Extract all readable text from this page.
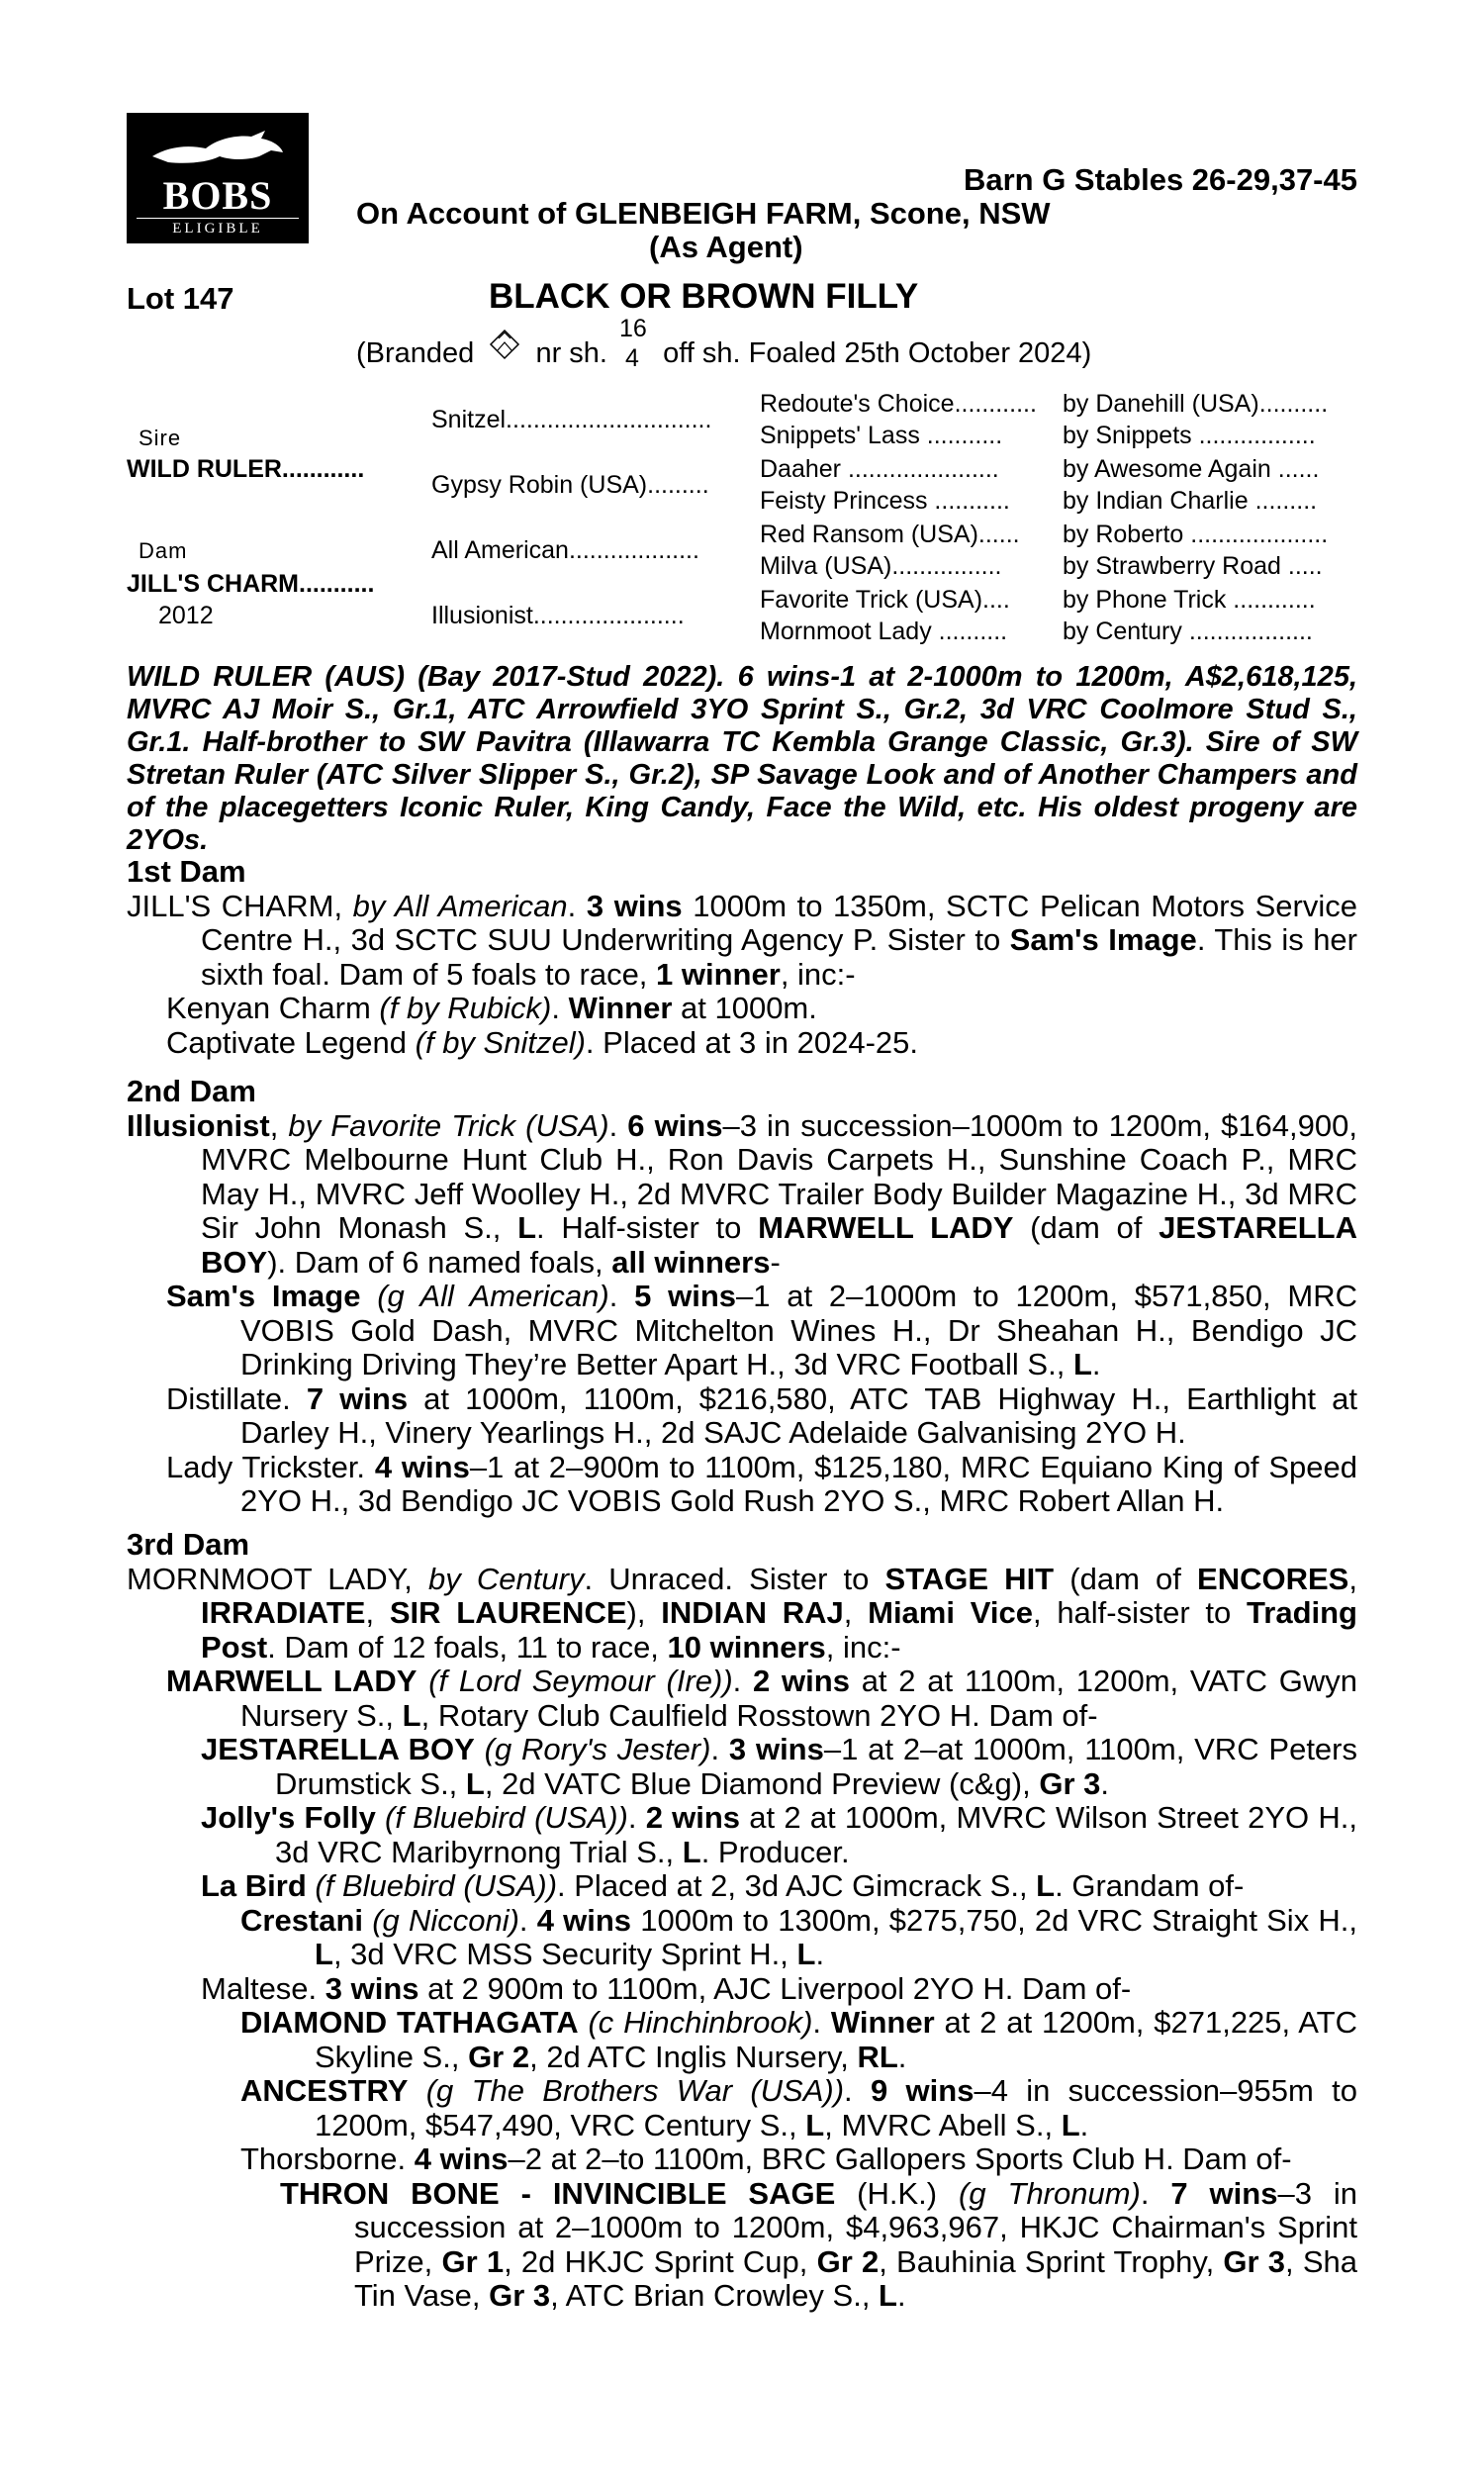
BOBS
ELIGIBLE
Barn G Stables 26-29,37-45
On Account of GLENBEIGH FARM, Scone, NSW
(As Agent)
Lot 147	BLACK OR BROWN FILLY
(Branded nr sh.
16
4 off sh. Foaled 25th October 2024)
Sire
WILD RULER............
Dam
JILL'S CHARM...........
2012
Snitzel..............................
Gypsy Robin (USA).........
All American...................
Illusionist......................
Redoute's Choice............
Snippets' Lass ...........
Daaher ......................
Feisty Princess ...........
Red Ransom (USA)......
Milva (USA)................
Favorite Trick (USA)....
Mornmoot Lady ..........
by Danehill (USA)..........
by Snippets .................
by Awesome Again ......
by Indian Charlie .........
by Roberto ....................
by Strawberry Road .....
by Phone Trick ............
by Century ..................
WILD RULER (AUS) (Bay 2017-Stud 2022). 6 wins-1 at 2-1000m to 1200m, A$2,618,125, MVRC AJ Moir S., Gr.1, ATC Arrowfield 3YO Sprint S., Gr.2, 3d VRC Coolmore Stud S., Gr.1. Half-brother to SW Pavitra (Illawarra TC Kembla Grange Classic, Gr.3). Sire of SW Stretan Ruler (ATC Silver Slipper S., Gr.2), SP Savage Look and of Another Champers and of the placegetters Iconic Ruler, King Candy, Face the Wild, etc. His oldest progeny are 2YOs.
1st Dam

JILL'S CHARM, by All American. 3 wins 1000m to 1350m, SCTC Pelican Motors Service Centre H., 3d SCTC SUU Underwriting Agency P. Sister to Sam's Image. This is her sixth foal. Dam of 5 foals to race, 1 winner, inc:-

Kenyan Charm (f by Rubick). Winner at 1000m.

Captivate Legend (f by Snitzel). Placed at 3 in 2024-25.

2nd Dam

Illusionist, by Favorite Trick (USA). 6 wins–3 in succession–1000m to 1200m, $164,900, MVRC Melbourne Hunt Club H., Ron Davis Carpets H., Sunshine Coach P., MRC May H., MVRC Jeff Woolley H., 2d MVRC Trailer Body Builder Magazine H., 3d MRC Sir John Monash S., L. Half-sister to MARWELL LADY (dam of JESTARELLA BOY). Dam of 6 named foals, all winners-

Sam's Image (g All American). 5 wins–1 at 2–1000m to 1200m, $571,850, MRC VOBIS Gold Dash, MVRC Mitchelton Wines H., Dr Sheahan H., Bendigo JC Drinking Driving They’re Better Apart H., 3d VRC Football S., L.

Distillate. 7 wins at 1000m, 1100m, $216,580, ATC TAB Highway H., Earthlight at Darley H., Vinery Yearlings H., 2d SAJC Adelaide Galvanising 2YO H.

Lady Trickster. 4 wins–1 at 2–900m to 1100m, $125,180, MRC Equiano King of Speed 2YO H., 3d Bendigo JC VOBIS Gold Rush 2YO S., MRC Robert Allan H.

3rd Dam

MORNMOOT LADY, by Century. Unraced. Sister to STAGE HIT (dam of ENCORES, IRRADIATE, SIR LAURENCE), INDIAN RAJ, Miami Vice, half-sister to Trading Post. Dam of 12 foals, 11 to race, 10 winners, inc:-

MARWELL LADY (f Lord Seymour (Ire)). 2 wins at 2 at 1100m, 1200m, VATC Gwyn Nursery S., L, Rotary Club Caulfield Rosstown 2YO H. Dam of-

JESTARELLA BOY (g Rory's Jester). 3 wins–1 at 2–at 1000m, 1100m, VRC Peters Drumstick S., L, 2d VATC Blue Diamond Preview (c&g), Gr 3.

Jolly's Folly (f Bluebird (USA)). 2 wins at 2 at 1000m, MVRC Wilson Street 2YO H., 3d VRC Maribyrnong Trial S., L. Producer.

La Bird (f Bluebird (USA)). Placed at 2, 3d AJC Gimcrack S., L. Grandam of-

Crestani (g Nicconi). 4 wins 1000m to 1300m, $275,750, 2d VRC Straight Six H., L, 3d VRC MSS Security Sprint H., L.

Maltese. 3 wins at 2 900m to 1100m, AJC Liverpool 2YO H. Dam of-

DIAMOND TATHAGATA (c Hinchinbrook). Winner at 2 at 1200m, $271,225, ATC Skyline S., Gr 2, 2d ATC Inglis Nursery, RL.

ANCESTRY (g The Brothers War (USA)). 9 wins–4 in succession–955m to 1200m, $547,490, VRC Century S., L, MVRC Abell S., L.

Thorsborne. 4 wins–2 at 2–to 1100m, BRC Gallopers Sports Club H. Dam of-

THRON BONE - INVINCIBLE SAGE (H.K.) (g Thronum). 7 wins–3 in succession at 2–1000m to 1200m, $4,963,967, HKJC Chairman's Sprint Prize, Gr 1, 2d HKJC Sprint Cup, Gr 2, Bauhinia Sprint Trophy, Gr 3, Sha Tin Vase, Gr 3, ATC Brian Crowley S., L.
